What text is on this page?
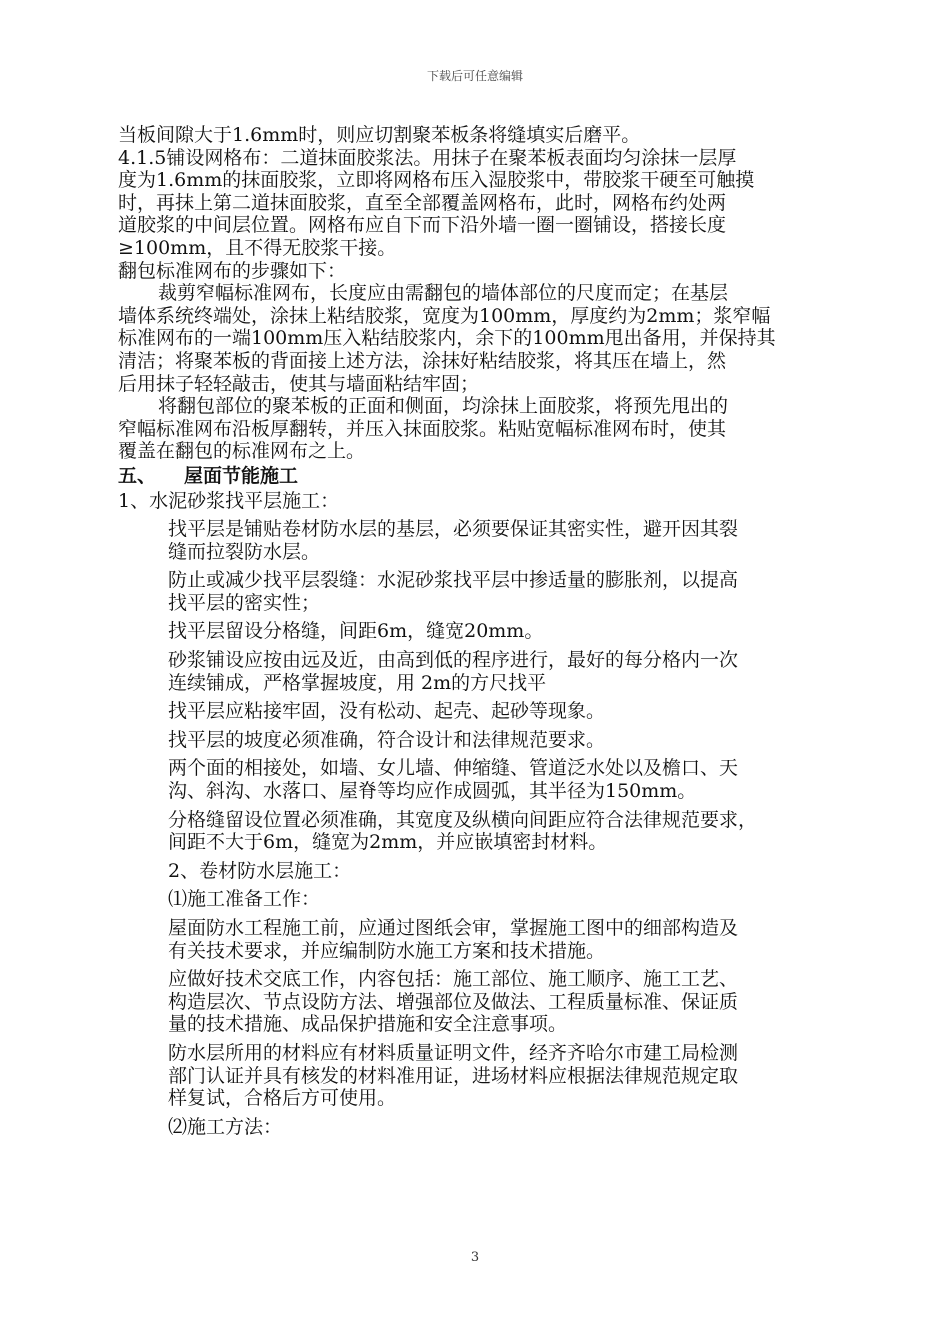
下载后可任意编辑
当板间隙大于1.6mm时，则应切割聚苯板条将缝填实后磨平。
4.1.5铺设网格布：二道抹面胶浆法。用抹子在聚苯板表面均匀涂抹一层厚
度为1.6mm的抹面胶浆，立即将网格布压入湿胶浆中，带胶浆干硬至可触摸
时，再抹上第二道抹面胶浆，直至全部覆盖网格布，此时，网格布约处两
道胶浆的中间层位置。网格布应自下而下沿外墙一圈一圈铺设，搭接长度
≥100mm，且不得无胶浆干接。
翻包标准网布的步骤如下：
裁剪窄幅标准网布，长度应由需翻包的墙体部位的尺度而定；在基层
墙体系统终端处，涂抹上粘结胶浆，宽度为100mm，厚度约为2mm；浆窄幅
标准网布的一端100mm压入粘结胶浆内，余下的100mm甩出备用，并保持其
清洁；将聚苯板的背面接上述方法，涂抹好粘结胶浆，将其压在墙上，然
后用抹子轻轻敲击，使其与墙面粘结牢固；
将翻包部位的聚苯板的正面和侧面，均涂抹上面胶浆，将预先甩出的
窄幅标准网布沿板厚翻转，并压入抹面胶浆。粘贴宽幅标准网布时，使其
覆盖在翻包的标准网布之上。
五、 屋面节能施工
1、水泥砂浆找平层施工：
找平层是铺贴卷材防水层的基层，必须要保证其密实性，避开因其裂
缝而拉裂防水层。
防止或减少找平层裂缝：水泥砂浆找平层中掺适量的膨胀剂，以提高
找平层的密实性；
找平层留设分格缝，间距6m，缝宽20mm。
砂浆铺设应按由远及近，由高到低的程序进行，最好的每分格内一次
连续铺成，严格掌握坡度，用 2m的方尺找平
找平层应粘接牢固，没有松动、起壳、起砂等现象。
找平层的坡度必须准确，符合设计和法律规范要求。
两个面的相接处，如墙、女儿墙、伸缩缝、管道泛水处以及檐口、天
沟、斜沟、水落口、屋脊等均应作成圆弧，其半径为150mm。
分格缝留设位置必须准确，其宽度及纵横向间距应符合法律规范要求，
间距不大于6m，缝宽为2mm，并应嵌填密封材料。
2、卷材防水层施工：
⑴施工准备工作：
屋面防水工程施工前，应通过图纸会审，掌握施工图中的细部构造及
有关技术要求，并应编制防水施工方案和技术措施。
应做好技术交底工作，内容包括：施工部位、施工顺序、施工工艺、
构造层次、节点设防方法、增强部位及做法、工程质量标准、保证质
量的技术措施、成品保护措施和安全注意事项。
防水层所用的材料应有材料质量证明文件，经齐齐哈尔市建工局检测
部门认证并具有核发的材料准用证，进场材料应根据法律规范规定取
样复试，合格后方可使用。
⑵施工方法：
3
